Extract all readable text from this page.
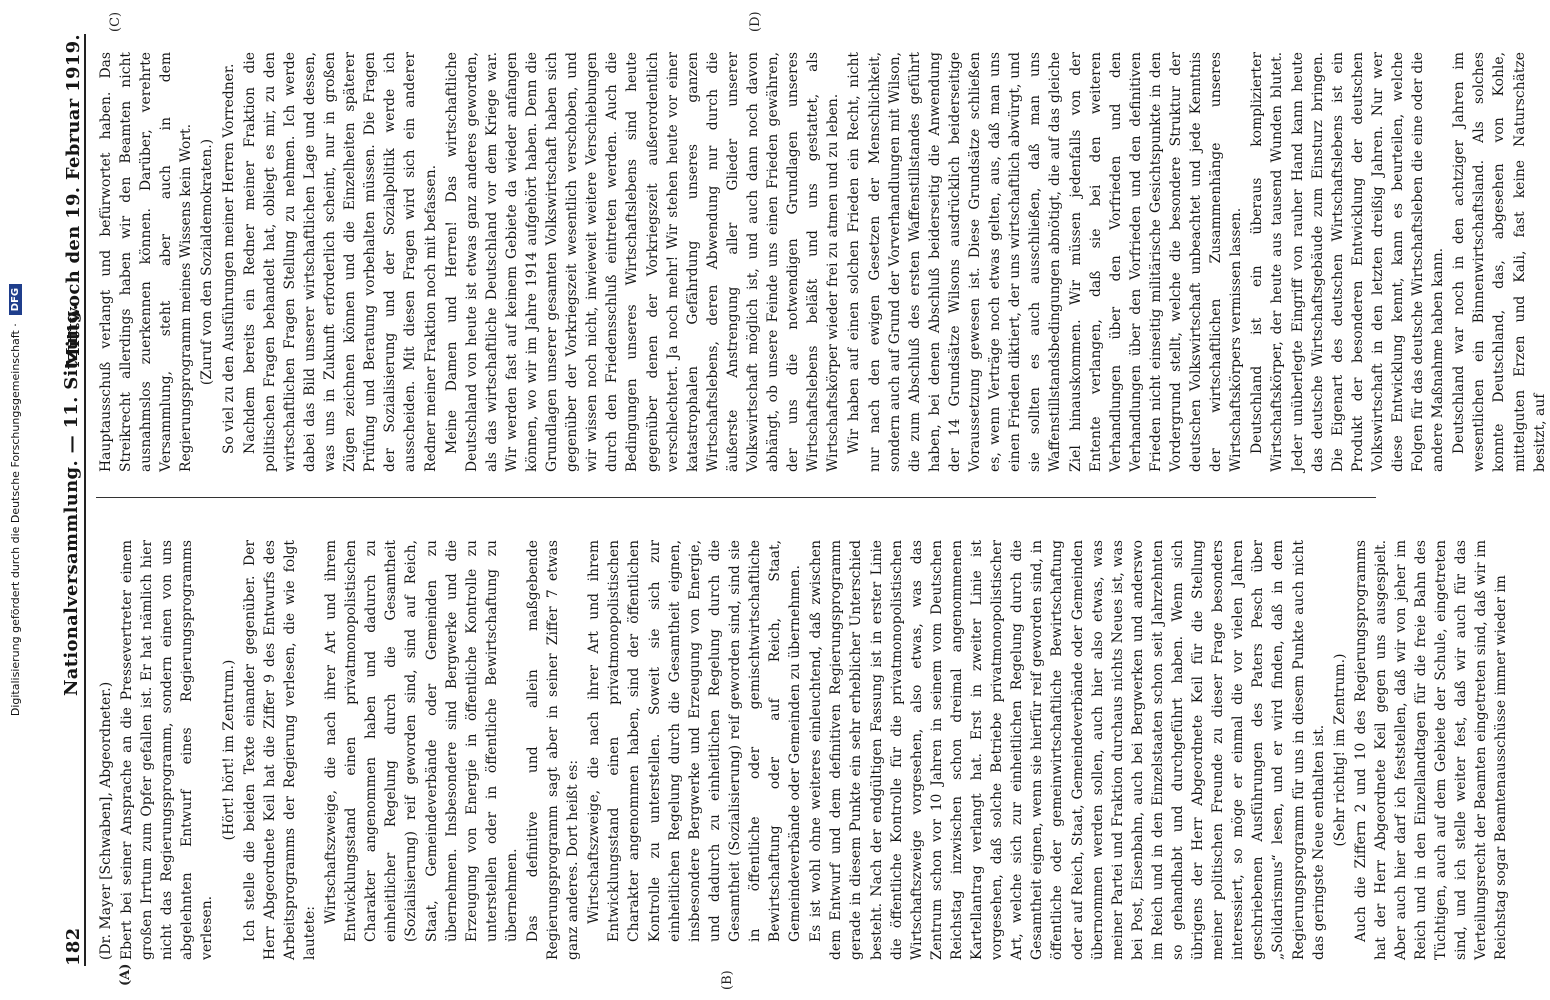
Digitalisierung gefördert durch die Deutsche Forschungsgemeinschaft ·
DFG
182
Nationalversammlung. — 11. Sitzung.
Mittwoch den 19. Februar 1919.
(A)	(B)
(C)	(D)

(Dr. Mayer [Schwaben], Abgeordneter.) Ebert bei seiner Ansprache an die Pressevertreter einem großen Irrtum zum Opfer gefallen ist. Er hat nämlich hier nicht das Regierungsprogramm, sondern einen von uns abgelehnten Entwurf eines Regierungsprogramms verlesen.

(Hört! hört! im Zentrum.) Ich stelle die beiden Texte einander gegenüber. Der Herr Abgeordnete Keil hat die Ziffer 9 des Entwurfs des Arbeitsprogramms der Regierung verlesen, die wie folgt lautete:

Wirtschaftszweige, die nach ihrer Art und ihrem Entwicklungsstand einen privatmonopolistischen Charakter angenommen haben und dadurch zu einheitlicher Regelung durch die Gesamtheit (Sozialisierung) reif geworden sind, sind auf Reich, Staat, Gemeindeverbände oder Gemeinden zu übernehmen. Insbesondere sind Bergwerke und die Erzeugung von Energie in öffentliche Kontrolle zu unterstellen oder in öffentliche Bewirtschaftung zu übernehmen. Das definitive und allein maßgebende Regierungsprogramm sagt aber in seiner Ziffer 7 etwas ganz anderes. Dort heißt es: Wirtschaftszweige, die nach ihrer Art und ihrem Entwicklungsstand einen privatmonopolistischen Charakter angenommen haben, sind der öffentlichen Kontrolle zu unterstellen. Soweit sie sich zur einheitlichen Regelung durch die Gesamtheit eignen, insbesondere Bergwerke und Erzeugung von Energie, und dadurch zu einheitlichen Regelung durch die Gesamtheit (Sozialisierung) reif geworden sind, sind sie in öffentliche oder gemischtwirtschaftliche Bewirtschaftung oder auf Reich, Staat, Gemeindeverbände oder Gemeinden zu übernehmen. Es ist wohl ohne weiteres einleuchtend, daß zwischen dem Entwurf und dem definitiven Regierungsprogramm gerade in diesem Punkte ein sehr erheblicher Unterschied besteht. Nach der endgültigen Fassung ist in erster Linie die öffentliche Kontrolle für die privatmonopolistischen Wirtschaftszweige vorgesehen, also etwas, was das Zentrum schon vor 10 Jahren in seinem vom Deutschen Reichstag inzwischen schon dreimal angenommenen Kartellantrag verlangt hat. Erst in zweiter Linie ist vorgesehen, daß solche Betriebe privatmonopolistischer Art, welche sich zur einheitlichen Regelung durch die Gesamtheit eignen, wenn sie hierfür reif geworden sind, in öffentliche oder gemeinwirtschaftliche Bewirtschaftung oder auf Reich, Staat, Gemeindeverbände oder Gemeinden übernommen werden sollen, auch hier also etwas, was meiner Partei und Fraktion durchaus nichts Neues ist, was bei Post, Eisenbahn, auch bei Bergwerken und anderswo im Reich und in den Einzelstaaten schon seit Jahrzehnten so gehandhabt und durchgeführt haben. Wenn sich übrigens der Herr Abgeordnete Keil für die Stellung meiner politischen Freunde zu dieser Frage besonders interessiert, so möge er einmal die vor vielen Jahren geschriebenen Ausführungen des Paters Pesch über „Solidarismus“ lesen, und er wird finden, daß in dem Regierungsprogramm für uns in diesem Punkte auch nicht das geringste Neue enthalten ist. (Sehr richtig! im Zentrum.) Auch die Ziffern 2 und 10 des Regierungsprogramms hat der Herr Abgeordnete Keil gegen uns ausgespielt. Aber auch hier darf ich feststellen, daß wir von jeher im Reich und in den Einzellandtagen für die freie Bahn des Tüchtigen, auch auf dem Gebiete der Schule, eingetreten sind, und ich stelle weiter fest, daß wir auch für das Verteilungsrecht der Beamten eingetreten sind, daß wir im Reichstag sogar Beamtenausschüsse immer wieder im

Hauptausschuß verlangt und befürwortet haben. Das Streikrecht allerdings haben wir den Beamten nicht ausnahmslos zuerkennen können. Darüber, verehrte Versammlung, steht aber auch in dem Regierungsprogramm meines Wissens kein Wort. (Zuruf von den Sozialdemokraten.) So viel zu den Ausführungen meiner Herren Vorredner. Nachdem bereits ein Redner meiner Fraktion die politischen Fragen behandelt hat, obliegt es mir, zu den wirtschaftlichen Fragen Stellung zu nehmen. Ich werde dabei das Bild unserer wirtschaftlichen Lage und dessen, was uns in Zukunft erforderlich scheint, nur in großen Zügen zeichnen können und die Einzelheiten späterer Prüfung und Beratung vorbehalten müssen. Die Fragen der Sozialisierung und der Sozialpolitik werde ich ausscheiden. Mit diesen Fragen wird sich ein anderer Redner meiner Fraktion noch mit befassen. Meine Damen und Herren! Das wirtschaftliche Deutschland von heute ist etwas ganz anderes geworden, als das wirtschaftliche Deutschland vor dem Kriege war. Wir werden fast auf keinem Gebiete da wieder anfangen können, wo wir im Jahre 1914 aufgehört haben. Denn die Grundlagen unserer gesamten Volkswirtschaft haben sich gegenüber der Vorkriegszeit wesentlich verschoben, und wir wissen noch nicht, inwieweit weitere Verschiebungen durch den Friedensschluß eintreten werden. Auch die Bedingungen unseres Wirtschaftslebens sind heute gegenüber denen der Vorkriegszeit außerordentlich verschlechtert. Ja noch mehr! Wir stehen heute vor einer katastrophalen Gefährdung unseres ganzen Wirtschaftslebens, deren Abwendung nur durch die äußerste Anstrengung aller Glieder unserer Volkswirtschaft möglich ist, und auch dann noch davon abhängt, ob unsere Feinde uns einen Frieden gewähren, der uns die notwendigen Grundlagen unseres Wirtschaftslebens beläßt und uns gestattet, als Wirtschaftskörper wieder frei zu atmen und zu leben. Wir haben auf einen solchen Frieden ein Recht, nicht nur nach den ewigen Gesetzen der Menschlichkeit, sondern auch auf Grund der Vorverhandlungen mit Wilson, die zum Abschluß des ersten Waffenstillstandes geführt haben, bei denen Abschluß beiderseitig die Anwendung der 14 Grundsätze Wilsons ausdrücklich beiderseitige Voraussetzung gewesen ist. Diese Grundsätze schließen es, wenn Verträge noch etwas gelten, aus, daß man uns einen Frieden diktiert, der uns wirtschaftlich abwürgt, und sie sollten es auch ausschließen, daß man uns Waffenstillstandsbedingungen abnötigt, die auf das gleiche Ziel hinauskommen. Wir müssen jedenfalls von der Entente verlangen, daß sie bei den weiteren Verhandlungen über den Vorfrieden und den Verhandlungen über den Vorfrieden und den definitiven Frieden nicht einseitig militärische Gesichtspunkte in den Vordergrund stellt, welche die besondere Struktur der deutschen Volkswirtschaft unbeachtet und jede Kenntnis der wirtschaftlichen Zusammenhänge unseres Wirtschaftskörpers vermissen lassen. Deutschland ist ein überaus komplizierter Wirtschaftskörper, der heute aus tausend Wunden blutet. Jeder unüberlegte Eingriff von rauher Hand kann heute das deutsche Wirtschaftsgebäude zum Einsturz bringen. Die Eigenart des deutschen Wirtschaftslebens ist ein Produkt der besonderen Entwicklung der deutschen Volkswirtschaft in den letzten dreißig Jahren. Nur wer diese Entwicklung kennt, kann es beurteilen, welche Folgen für das deutsche Wirtschaftsleben die eine oder die andere Maßnahme haben kann. Deutschland war noch in den achtziger Jahren im wesentlichen ein Binnenwirtschaftsland. Als solches konnte Deutschland, das, abgesehen von Kohle, mittelguten Erzen und Kali, fast keine Naturschätze besitzt, auf
